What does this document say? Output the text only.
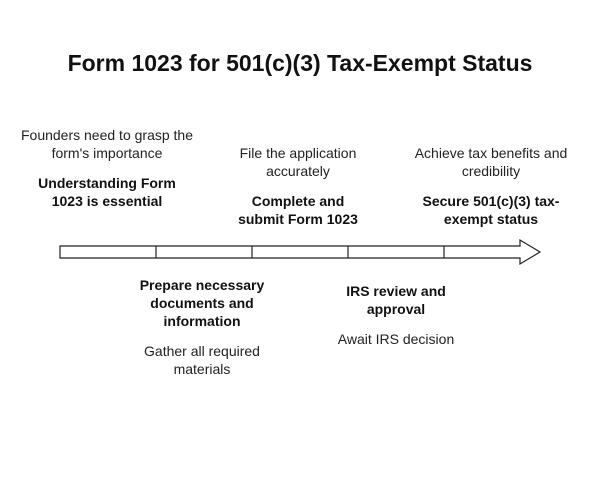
Form 1023 for 501(c)(3) Tax-Exempt Status
Founders need to grasp the form's importance
Understanding Form 1023 is essential
File the application accurately
Complete and submit Form 1023
Achieve tax benefits and credibility
Secure 501(c)(3) tax-exempt status
Prepare necessary documents and information
Gather all required materials
IRS review and approval
Await IRS decision
